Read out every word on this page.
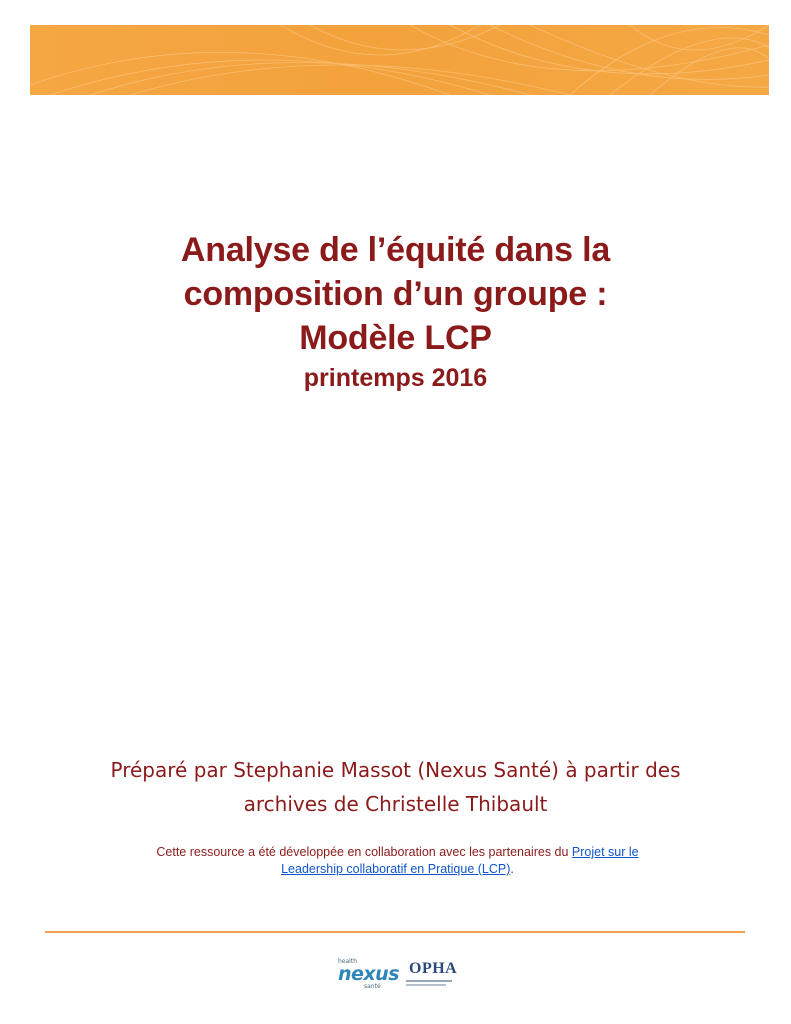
Analyse de l’équité dans la
composition d’un groupe :
Modèle LCP
printemps 2016
Préparé par Stephanie Massot (Nexus Santé) à partir des
archives de Christelle Thibault
Cette ressource a été développée en collaboration avec les partenaires du Projet sur le
Leadership collaboratif en Pratique (LCP).
health
nexus
santé
OPHA
